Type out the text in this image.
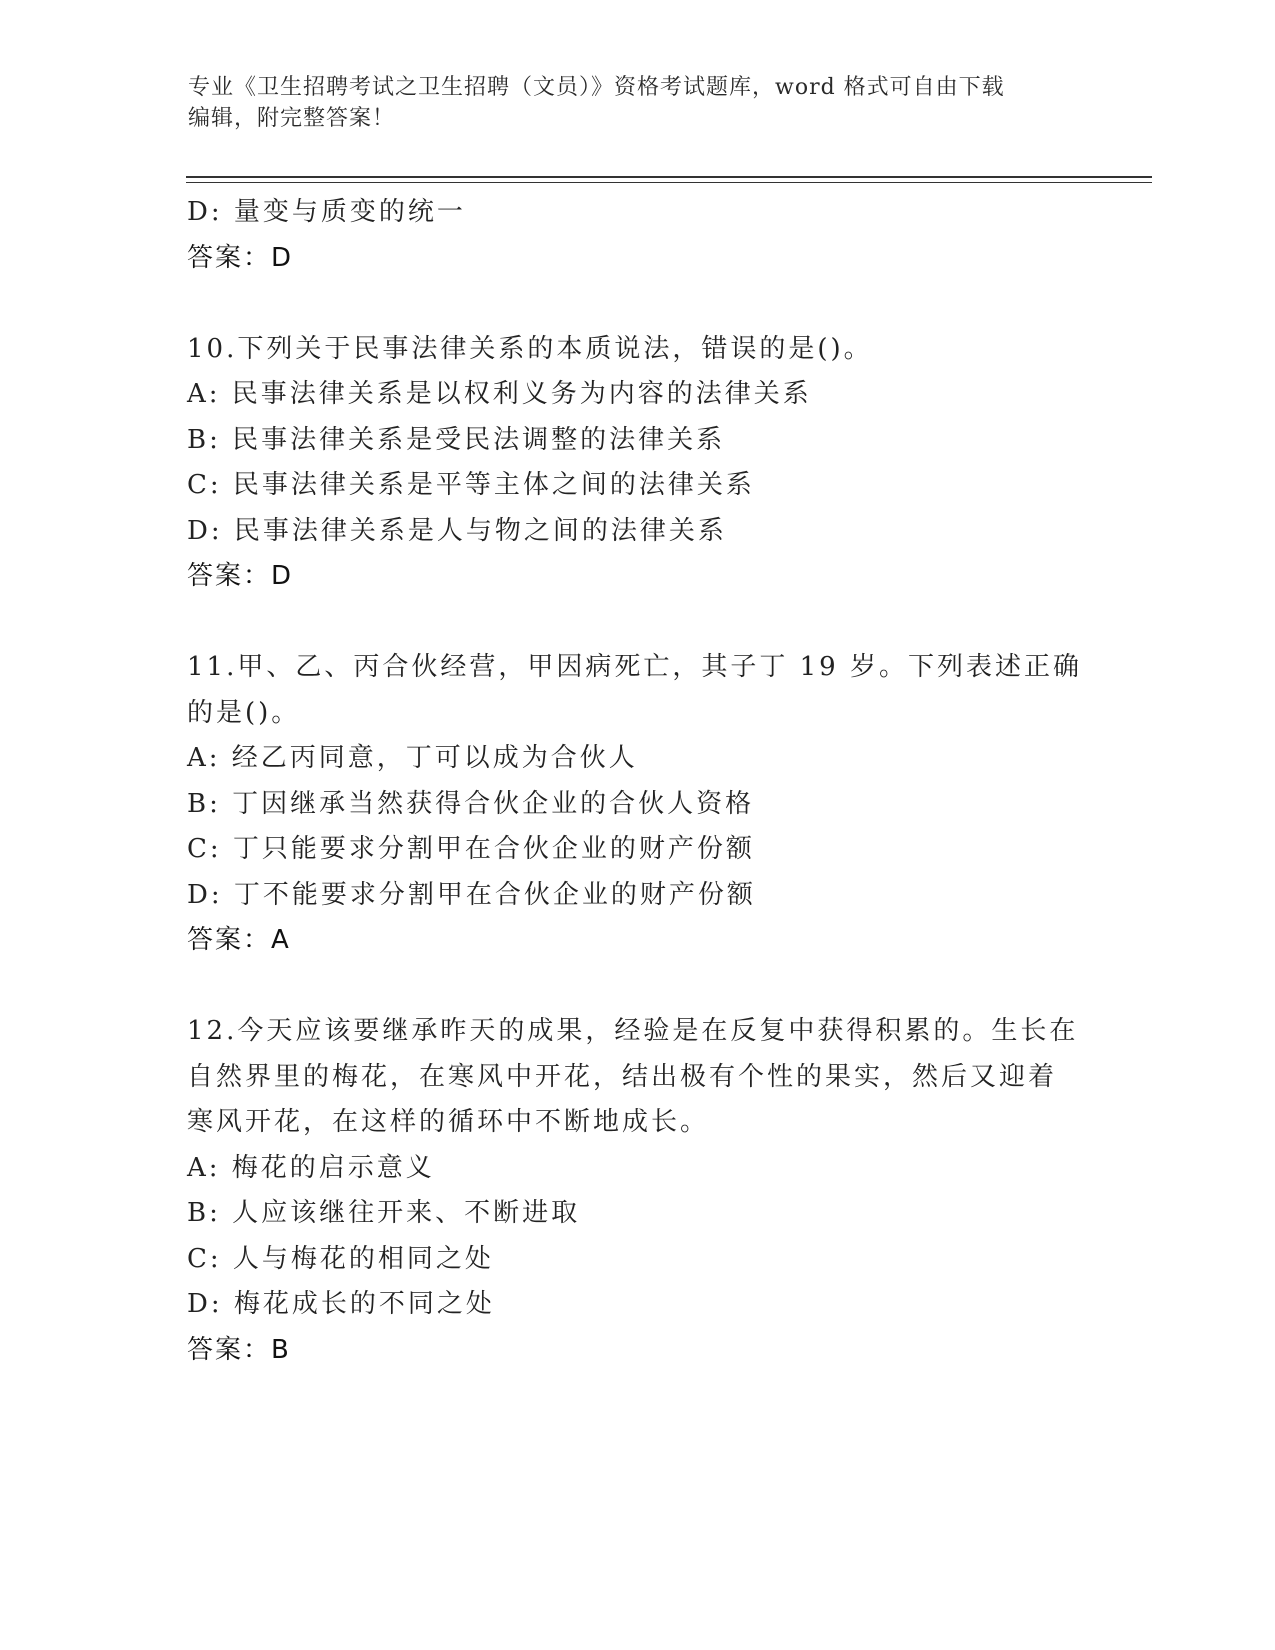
专业《卫生招聘考试之卫生招聘（文员）》资格考试题库，word 格式可自由下载
编辑，附完整答案！
D: 量变与质变的统一
答案：D
10.下列关于民事法律关系的本质说法，错误的是()。
A: 民事法律关系是以权利义务为内容的法律关系
B: 民事法律关系是受民法调整的法律关系
C: 民事法律关系是平等主体之间的法律关系
D: 民事法律关系是人与物之间的法律关系
答案：D
11.甲、乙、丙合伙经营，甲因病死亡，其子丁 19 岁。下列表述正确
的是()。
A: 经乙丙同意，丁可以成为合伙人
B: 丁因继承当然获得合伙企业的合伙人资格
C: 丁只能要求分割甲在合伙企业的财产份额
D: 丁不能要求分割甲在合伙企业的财产份额
答案：A
12.今天应该要继承昨天的成果，经验是在反复中获得积累的。生长在
自然界里的梅花，在寒风中开花，结出极有个性的果实，然后又迎着
寒风开花，在这样的循环中不断地成长。
A: 梅花的启示意义
B: 人应该继往开来、不断进取
C: 人与梅花的相同之处
D: 梅花成长的不同之处
答案：B
